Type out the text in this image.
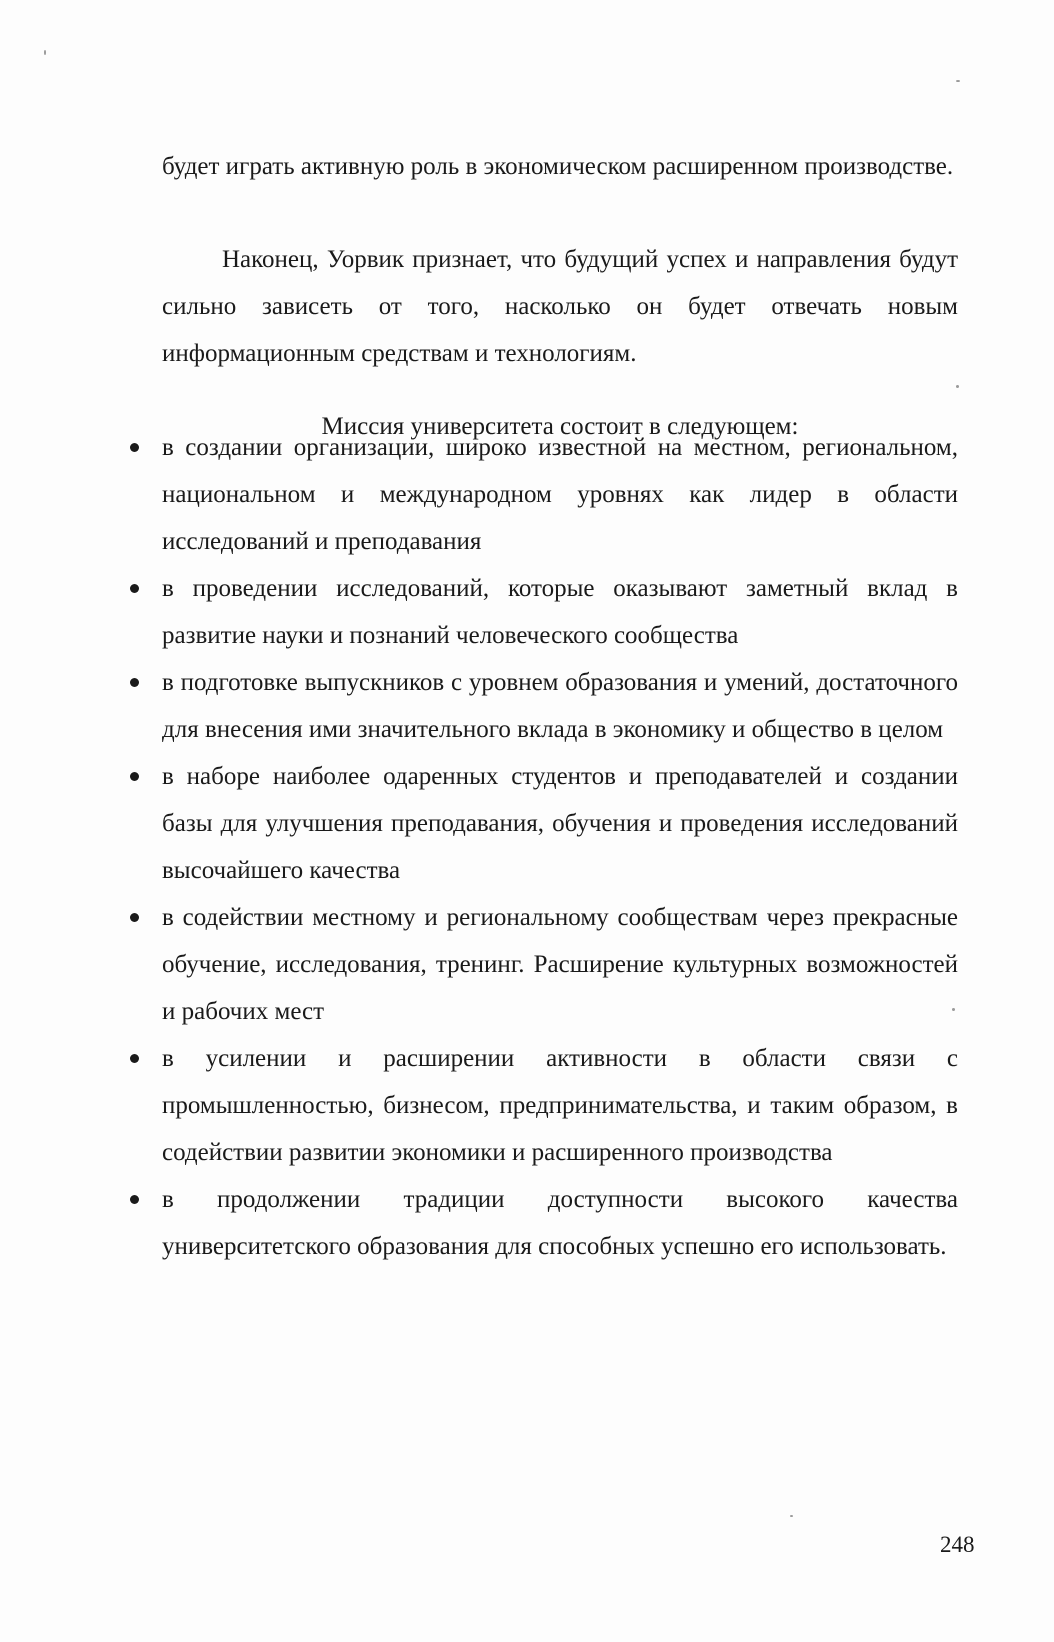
будет играть активную роль в экономическом расширенном производстве.

Наконец, Уорвик признает, что будущий успех и направления будут сильно зависеть от того, насколько он будет отвечать новым информационным средствам и технологиям.

Миссия университета состоит в следующем:

в создании организации, широко известной на местном, региональном, национальном и международном уровнях как лидер в области исследований и преподавания
в проведении исследований, которые оказывают заметный вклад в развитие науки и познаний человеческого сообщества
в подготовке выпускников с уровнем образования и умений, достаточного для внесения ими значительного вклада в экономику и общество в целом
в наборе наиболее одаренных студентов и преподавателей и создании базы для улучшения преподавания, обучения и проведения исследований высочайшего качества
в содействии местному и региональному сообществам через прекрасные обучение, исследования, тренинг. Расширение культурных возможностей и рабочих мест
в усилении и расширении активности в области связи с промышленностью, бизнесом, предпринимательства, и таким образом, в содействии развитии экономики и расширенного производства
в продолжении традиции доступности высокого качества университетского образования для способных успешно его использовать.
248
